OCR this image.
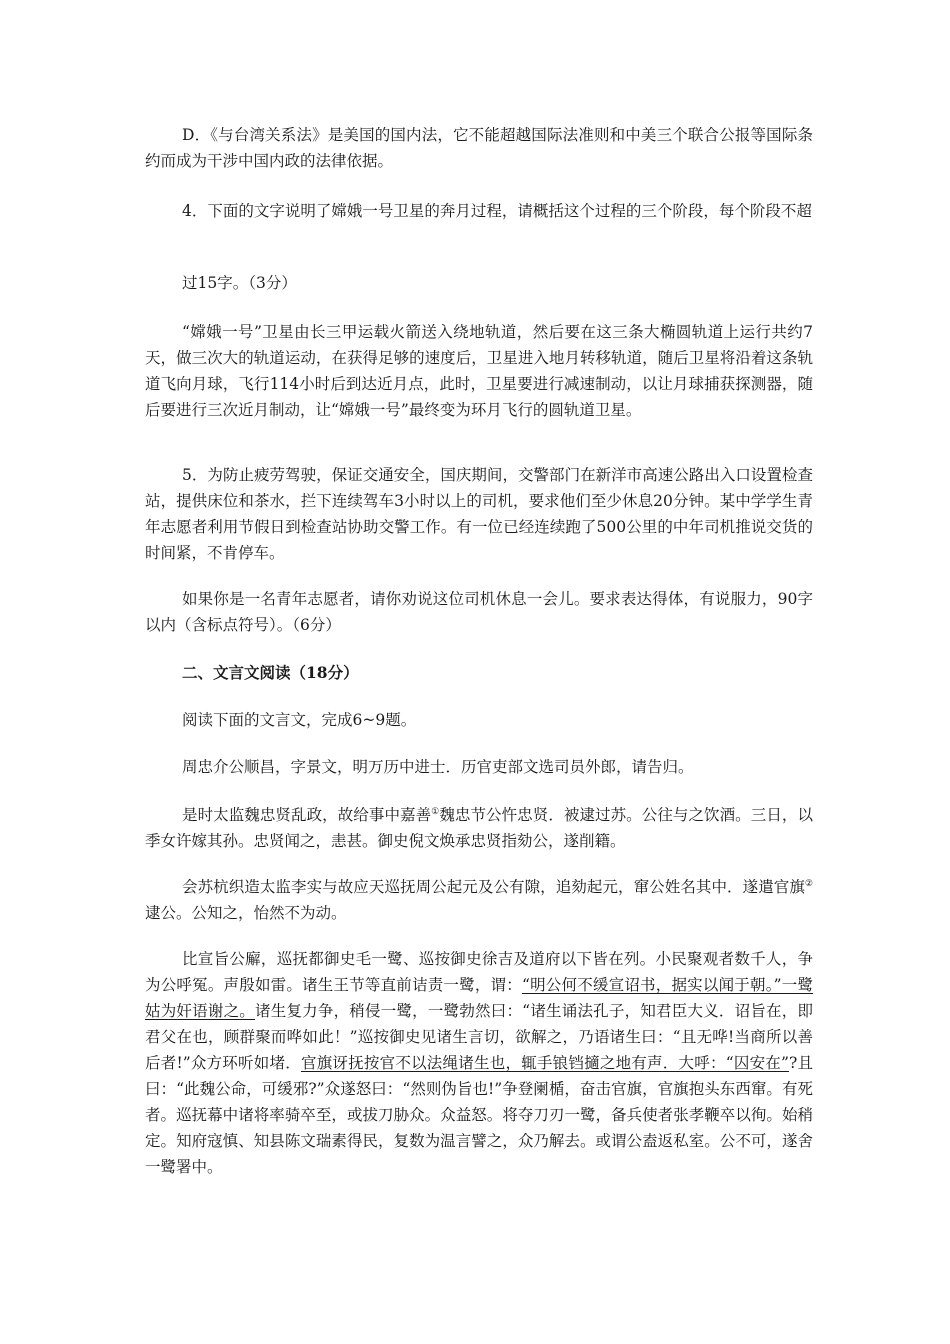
D．《与台湾关系法》是美国的国内法，它不能超越国际法准则和中美三个联合公报等国际条约而成为干涉中国内政的法律依据。

4．下面的文字说明了嫦娥一号卫星的奔月过程，请概括这个过程的三个阶段，每个阶段不超

过15字。（3分）

“嫦娥一号”卫星由长三甲运载火箭送入绕地轨道，然后要在这三条大椭圆轨道上运行共约7天，做三次大的轨道运动，在获得足够的速度后，卫星进入地月转移轨道，随后卫星将沿着这条轨道飞向月球，飞行114小时后到达近月点，此时，卫星要进行减速制动，以让月球捕获探测器，随后要进行三次近月制动，让“嫦娥一号”最终变为环月飞行的圆轨道卫星。

5．为防止疲劳驾驶，保证交通安全，国庆期间，交警部门在新洋市高速公路出入口设置检查站，提供床位和茶水，拦下连续驾车3小时以上的司机，要求他们至少休息20分钟。某中学学生青年志愿者利用节假日到检查站协助交警工作。有一位已经连续跑了500公里的中年司机推说交货的时间紧，不肯停车。

如果你是一名青年志愿者，请你劝说这位司机休息一会儿。要求表达得体，有说服力，90字以内（含标点符号）。（6分）

二、文言文阅读（18分）

阅读下面的文言文，完成6~9题。

周忠介公顺昌，字景文，明万历中进士．历官吏部文选司员外郎，请告归。

是时太监魏忠贤乱政，故给事中嘉善①魏忠节公忤忠贤．被逮过苏。公往与之饮酒。三日，以季女许嫁其孙。忠贤闻之，恚甚。御史倪文焕承忠贤指劾公，遂削籍。

会苏杭织造太监李实与故应天巡抚周公起元及公有隙，追劾起元，窜公姓名其中．遂遣官旗②逮公。公知之，怡然不为动。

比宣旨公廨，巡抚都御史毛一鹭、巡按御史徐吉及道府以下皆在列。小民聚观者数千人，争为公呼冤。声殷如雷。诸生王节等直前诘责一鹭，谓：“明公何不缓宣诏书，据实以闻于朝。”一鹭姑为奸语谢之。诸生复力争，稍侵一鹭，一鹭勃然曰：“诸生诵法孔子，知君臣大义．诏旨在，即君父在也，顾群聚而哗如此！”巡按御史见诸生言切，欲解之，乃语诸生曰：“且无哗!当商所以善后者!”众方环听如堵．官旗讶抚按官不以法绳诸生也，辄手锒铛擿之地有声．大呼：“囚安在”?且曰：“此魏公命，可缓邪?”众遂怒曰：“然则伪旨也!”争登阑楯，奋击官旗，官旗抱头东西窜。有死者。巡抚幕中诸将率骑卒至，或拔刀胁众。众益怒。将夺刀刃一鹭，备兵使者张孝鞭卒以徇。始稍定。知府寇慎、知县陈文瑞素得民，复数为温言譬之，众乃解去。或谓公盍返私室。公不可，遂舍一鹭署中。
